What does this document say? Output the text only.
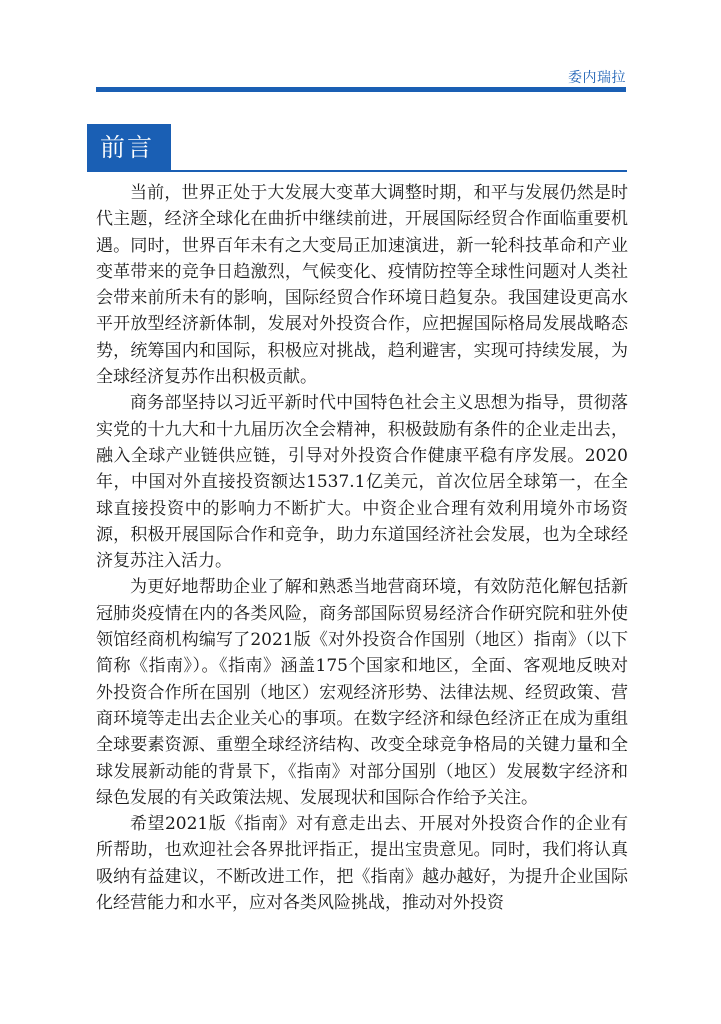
委内瑞拉
前言

当前，世界正处于大发展大变革大调整时期，和平与发展仍然是时代主题，经济全球化在曲折中继续前进，开展国际经贸合作面临重要机遇。同时，世界百年未有之大变局正加速演进，新一轮科技革命和产业变革带来的竞争日趋激烈，气候变化、疫情防控等全球性问题对人类社会带来前所未有的影响，国际经贸合作环境日趋复杂。我国建设更高水平开放型经济新体制，发展对外投资合作，应把握国际格局发展战略态势，统筹国内和国际，积极应对挑战，趋利避害，实现可持续发展，为全球经济复苏作出积极贡献。

商务部坚持以习近平新时代中国特色社会主义思想为指导，贯彻落实党的十九大和十九届历次全会精神，积极鼓励有条件的企业走出去，融入全球产业链供应链，引导对外投资合作健康平稳有序发展。2020年，中国对外直接投资额达1537.1亿美元，首次位居全球第一，在全球直接投资中的影响力不断扩大。中资企业合理有效利用境外市场资源，积极开展国际合作和竞争，助力东道国经济社会发展，也为全球经济复苏注入活力。

为更好地帮助企业了解和熟悉当地营商环境，有效防范化解包括新冠肺炎疫情在内的各类风险，商务部国际贸易经济合作研究院和驻外使领馆经商机构编写了2021版《对外投资合作国别（地区）指南》（以下简称《指南》）。《指南》涵盖175个国家和地区，全面、客观地反映对外投资合作所在国别（地区）宏观经济形势、法律法规、经贸政策、营商环境等走出去企业关心的事项。在数字经济和绿色经济正在成为重组全球要素资源、重塑全球经济结构、改变全球竞争格局的关键力量和全球发展新动能的背景下，《指南》对部分国别（地区）发展数字经济和绿色发展的有关政策法规、发展现状和国际合作给予关注。

希望2021版《指南》对有意走出去、开展对外投资合作的企业有所帮助，也欢迎社会各界批评指正，提出宝贵意见。同时，我们将认真吸纳有益建议，不断改进工作，把《指南》越办越好，为提升企业国际化经营能力和水平，应对各类风险挑战，推动对外投资
